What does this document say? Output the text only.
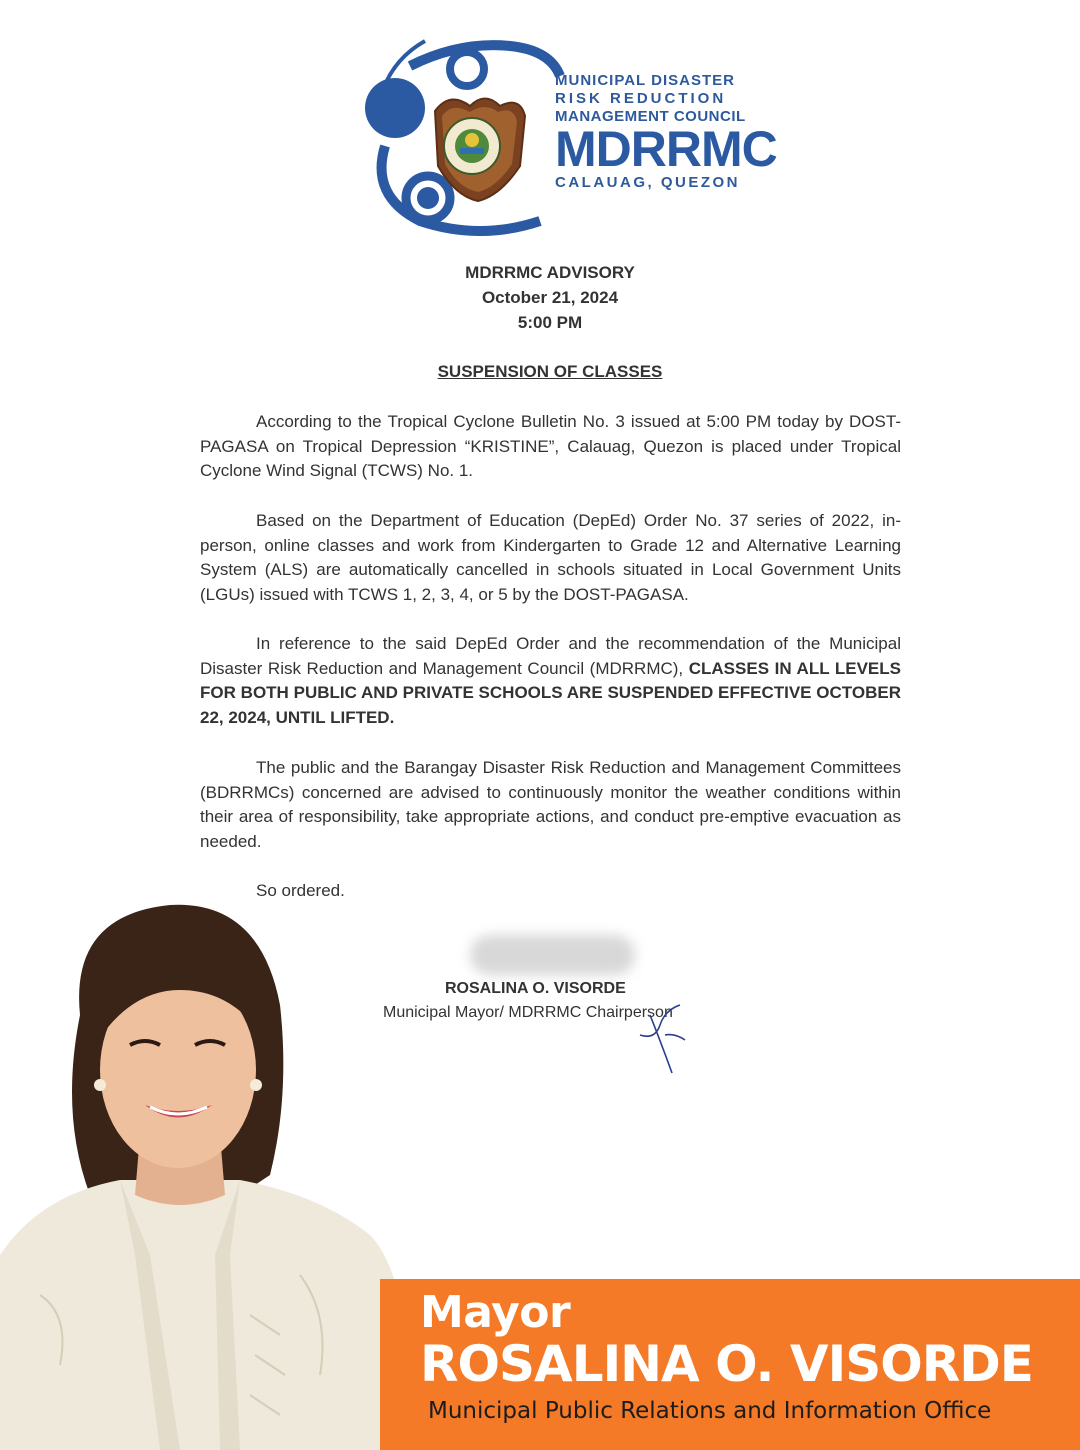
MUNICIPAL DISASTER
RISK REDUCTION
MANAGEMENT COUNCIL
MDRRMC
CALAUAG, QUEZON
MDRRMC ADVISORY
October 21, 2024
5:00 PM
SUSPENSION OF CLASSES
According to the Tropical Cyclone Bulletin No. 3 issued at 5:00 PM today by DOST-PAGASA on Tropical Depression “KRISTINE”, Calauag, Quezon is placed under Tropical Cyclone Wind Signal (TCWS) No. 1.
Based on the Department of Education (DepEd) Order No. 37 series of 2022, in-person, online classes and work from Kindergarten to Grade 12 and Alternative Learning System (ALS) are automatically cancelled in schools situated in Local Government Units (LGUs) issued with TCWS 1, 2, 3, 4, or 5 by the DOST-PAGASA.
In reference to the said DepEd Order and the recommendation of the Municipal Disaster Risk Reduction and Management Council (MDRRMC), CLASSES IN ALL LEVELS FOR BOTH PUBLIC AND PRIVATE SCHOOLS ARE SUSPENDED EFFECTIVE OCTOBER 22, 2024, UNTIL LIFTED.
The public and the Barangay Disaster Risk Reduction and Management Committees (BDRRMCs) concerned are advised to continuously monitor the weather conditions within their area of responsibility, take appropriate actions, and conduct pre-emptive evacuation as needed.
So ordered.
ROSALINA O. VISORDE
Municipal Mayor/ MDRRMC Chairperson
Mayor
ROSALINA O. VISORDE
Municipal Public Relations and Information Office
